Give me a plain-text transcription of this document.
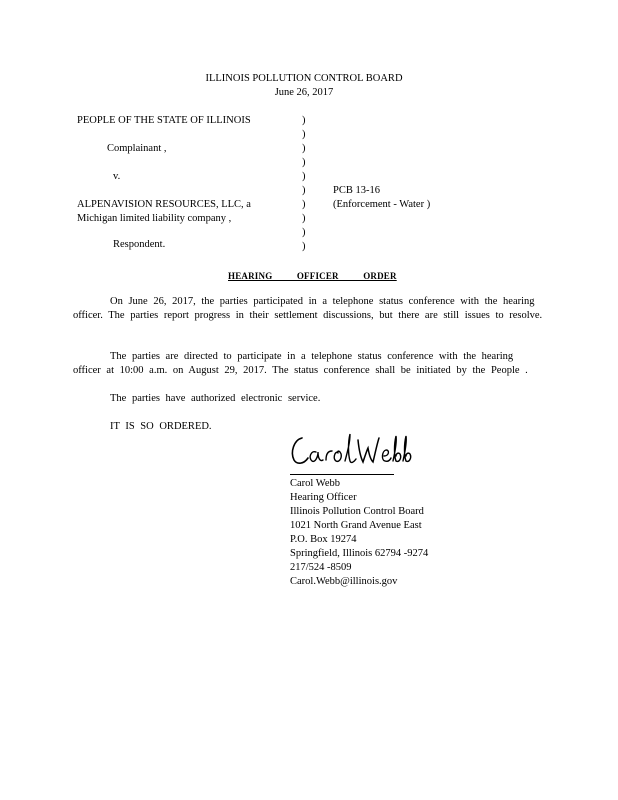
ILLINOIS POLLUTION CONTROL BOARD
June 26, 2017
PEOPLE OF THE STATE OF ILLINOIS
Complainant ,
v.
ALPENAVISION RESOURCES, LLC, a
Michigan limited liability company ,
Respondent.
)
)
)
)
)
)
)
)
)
)
PCB 13-16
(Enforcement - Water )
HEARING OFFICER ORDER
On June 26, 2017, the parties participated in a telephone status conference with the hearing officer. The parties report progress in their settlement discussions, but there are still issues to resolve.
The parties are directed to participate in a telephone status conference with the hearing officer at 10:00 a.m. on August 29, 2017. The status conference shall be initiated by the People .
The parties have authorized electronic service.
IT IS SO ORDERED.
Carol Webb
Hearing Officer
Illinois Pollution Control Board
1021 North Grand Avenue East
P.O. Box 19274
Springfield, Illinois 62794 -9274
217/524 -8509
Carol.Webb@illinois.gov
